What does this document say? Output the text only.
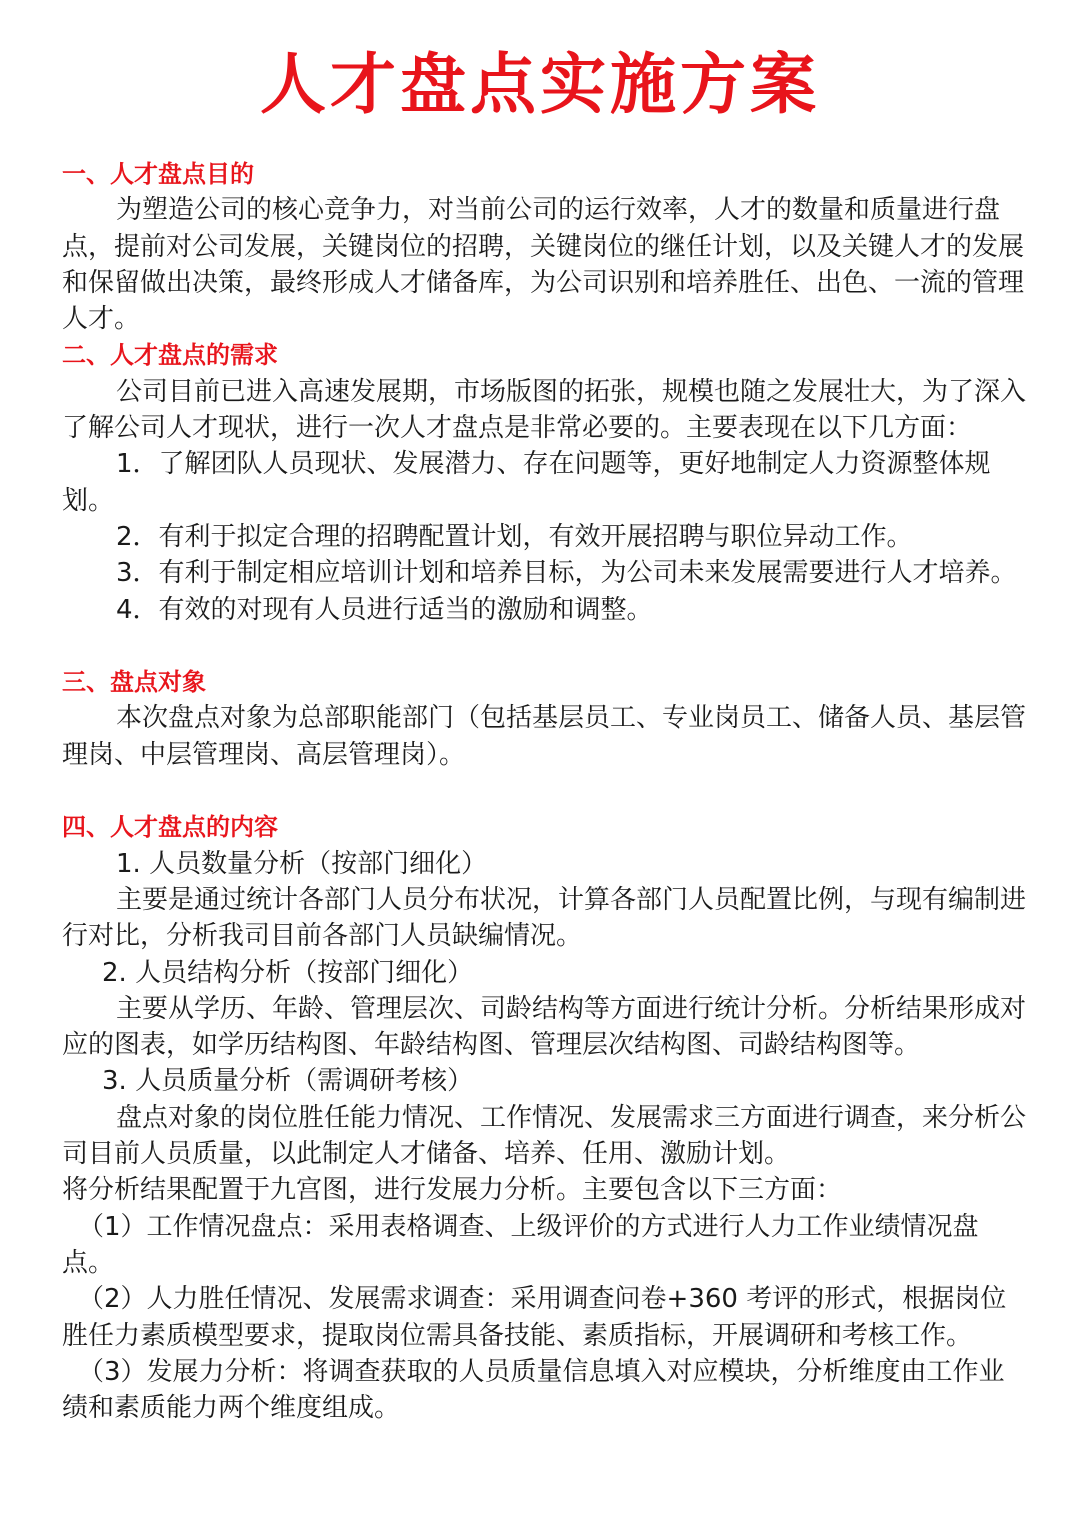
人才盘点实施方案

一、人才盘点目的

为塑造公司的核心竞争力，对当前公司的运行效率，人才的数量和质量进行盘点，提前对公司发展，关键岗位的招聘，关键岗位的继任计划，以及关键人才的发展和保留做出决策，最终形成人才储备库，为公司识别和培养胜任、出色、一流的管理人才。

二、人才盘点的需求

公司目前已进入高速发展期，市场版图的拓张，规模也随之发展壮大，为了深入了解公司人才现状，进行一次人才盘点是非常必要的。主要表现在以下几方面：

1．了解团队人员现状、发展潜力、存在问题等，更好地制定人力资源整体规划。

2．有利于拟定合理的招聘配置计划，有效开展招聘与职位异动工作。

3．有利于制定相应培训计划和培养目标，为公司未来发展需要进行人才培养。

4．有效的对现有人员进行适当的激励和调整。

三、盘点对象

本次盘点对象为总部职能部门（包括基层员工、专业岗员工、储备人员、基层管理岗、中层管理岗、高层管理岗）。

四、人才盘点的内容

1. 人员数量分析（按部门细化）

主要是通过统计各部门人员分布状况，计算各部门人员配置比例，与现有编制进行对比，分析我司目前各部门人员缺编情况。

2. 人员结构分析（按部门细化）

主要从学历、年龄、管理层次、司龄结构等方面进行统计分析。分析结果形成对应的图表，如学历结构图、年龄结构图、管理层次结构图、司龄结构图等。

3. 人员质量分析（需调研考核）

盘点对象的岗位胜任能力情况、工作情况、发展需求三方面进行调查，来分析公司目前人员质量，以此制定人才储备、培养、任用、激励计划。

将分析结果配置于九宫图，进行发展力分析。主要包含以下三方面：

（1）工作情况盘点：采用表格调查、上级评价的方式进行人力工作业绩情况盘点。

（2）人力胜任情况、发展需求调查：采用调查问卷+360 考评的形式，根据岗位胜任力素质模型要求，提取岗位需具备技能、素质指标，开展调研和考核工作。

（3）发展力分析：将调查获取的人员质量信息填入对应模块，分析维度由工作业绩和素质能力两个维度组成。
